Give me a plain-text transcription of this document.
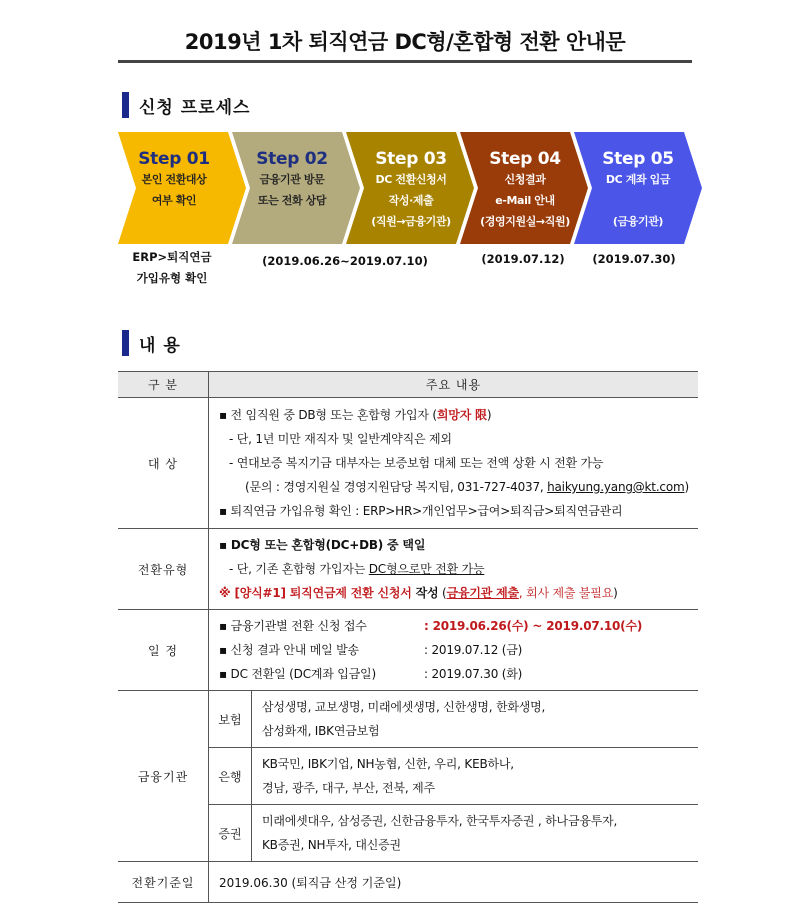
2019년 1차 퇴직연금 DC형/혼합형 전환 안내문
신청 프로세스
Step 01
본인 전환대상
여부 확인
Step 02
금융기관 방문
또는 전화 상담
Step 03
DC 전환신청서
작성·제출
(직원→금융기관)
Step 04
신청결과
e-Mail 안내
(경영지원실→직원)
Step 05
DC 계좌 입금
(금융기관)
ERP>퇴직연금
가입유형 확인
(2019.06.26~2019.07.10)	(2019.07.12)	(2019.07.30)
내 용
구 분	주요 내용	
대 상	▪ 전 임직원 중 DB형 또는 혼합형 가입자 (희망자 限)
- 단, 1년 미만 재직자 및 일반계약직은 제외
- 연대보증 복지기금 대부자는 보증보험 대체 또는 전액 상환 시 전환 가능
(문의 : 경영지원실 경영지원담당 복지팀, 031-727-4037, haikyung.yang@kt.com)
▪ 퇴직연금 가입유형 확인 : ERP>HR>개인업무>급여>퇴직금>퇴직연금관리	

전환유형	▪ DC형 또는 혼합형(DC+DB) 중 택일
- 단, 기존 혼합형 가입자는 DC형으로만 전환 가능
※ [양식#1] 퇴직연금제 전환 신청서 작성 (금융기관 제출, 회사 제출 불필요)	

일 정	▪ 금융기관별 전환 신청 접수 : 2019.06.26(수) ~ 2019.07.10(수)
▪ 신청 결과 안내 메일 발송 : 2019.07.12 (금)
▪ DC 전환일 (DC계좌 입금일) : 2019.07.30 (화)	

금융기관	보험	삼성생명, 교보생명, 미래에셋생명, 신한생명, 한화생명,
삼성화재, IBK연금보험

	은행	KB국민, IBK기업, NH농협, 신한, 우리, KEB하나,
경남, 광주, 대구, 부산, 전북, 제주

	증권	미래에셋대우, 삼성증권, 신한금융투자, 한국투자증권 , 하나금융투자,
KB증권, NH투자, 대신증권

전환기준일	2019.06.30 (퇴직금 산정 기준일)	
